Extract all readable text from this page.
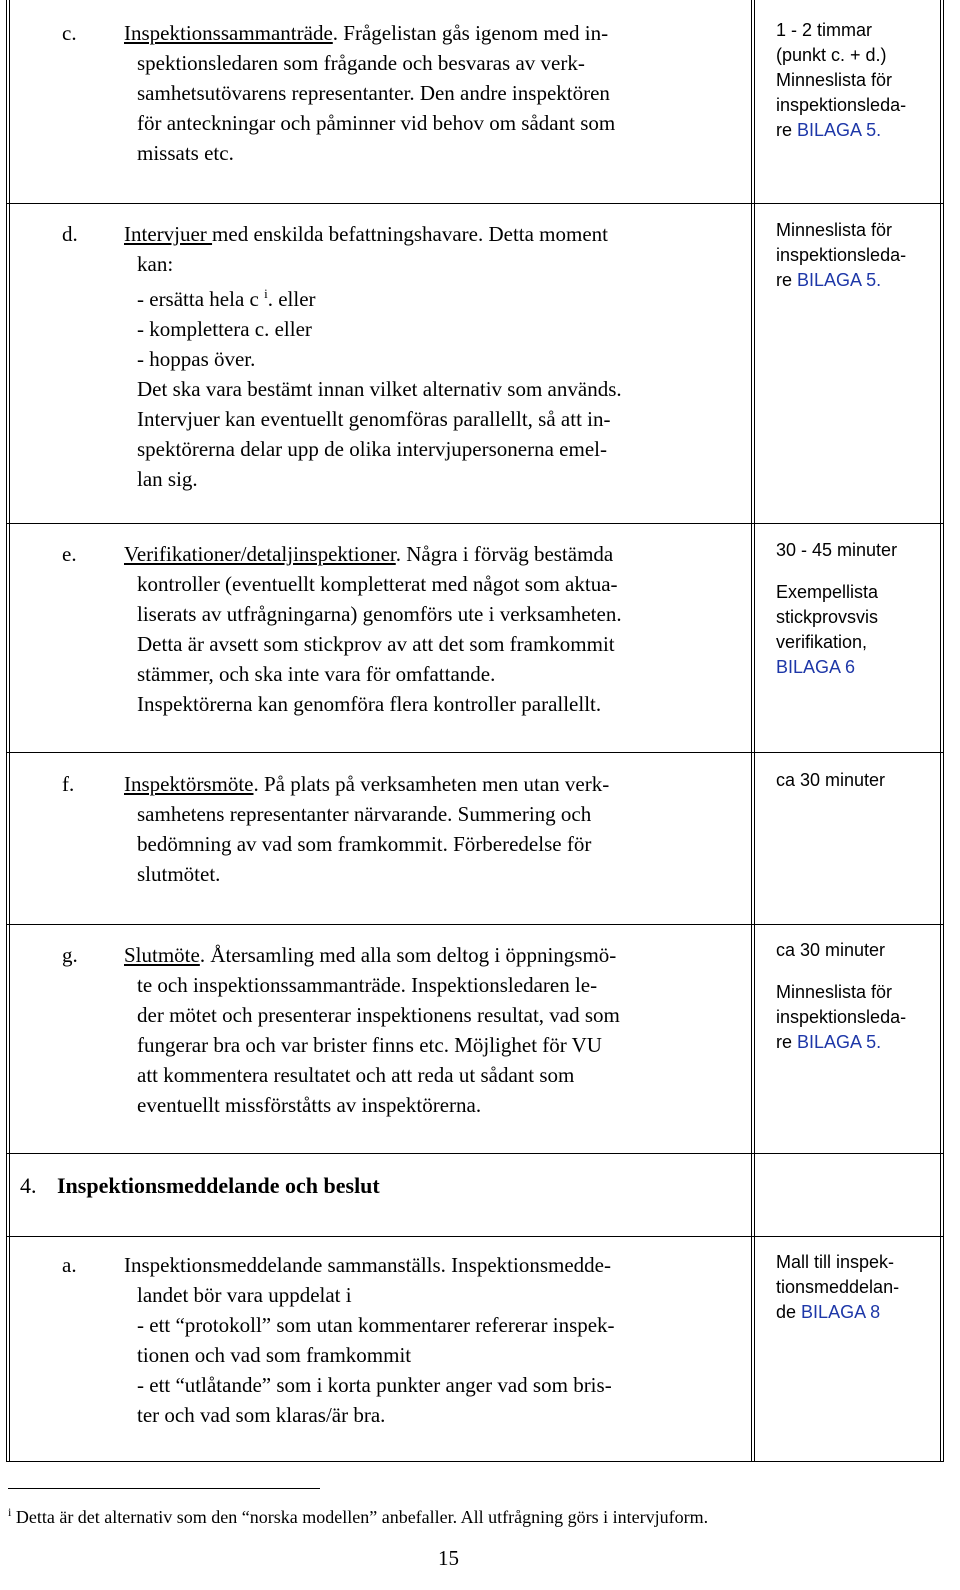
c. Inspektionssammanträde. Frågelistan gås igenom med in-

spektionsledaren som frågande och besvaras av verk-

samhetsutövarens representanter. Den andre inspektören

för anteckningar och påminner vid behov om sådant som

missats etc.

1 - 2 timmar

(punkt c. + d.)

Minneslista för

inspektionsleda-

re BILAGA 5.

d. Intervjuer med enskilda befattningshavare. Detta moment

kan:

- ersätta hela c $^i$. eller

- komplettera c. eller

- hoppas över.

Det ska vara bestämt innan vilket alternativ som används.

Intervjuer kan eventuellt genomföras parallellt, så att in-

spektörerna delar upp de olika intervjupersonerna emel-

lan sig.

Minneslista för

inspektionsleda-

re BILAGA 5.

e. Verifikationer/detaljinspektioner. Några i förväg bestämda

kontroller (eventuellt kompletterat med något som aktua-

liserats av utfrågningarna) genomförs ute i verksamheten.

Detta är avsett som stickprov av att det som framkommit

stämmer, och ska inte vara för omfattande.

Inspektörerna kan genomföra flera kontroller parallellt.

30 - 45 minuter

Exempellista

stickprovsvis

verifikation,

BILAGA 6

f. Inspektörsmöte. På plats på verksamheten men utan verk-

samhetens representanter närvarande. Summering och

bedömning av vad som framkommit. Förberedelse för

slutmötet.

ca 30 minuter

g. Slutmöte. Återsamling med alla som deltog i öppningsmö-

te och inspektionssammanträde. Inspektionsledaren le-

der mötet och presenterar inspektionens resultat, vad som

fungerar bra och var brister finns etc. Möjlighet för VU

att kommentera resultatet och att reda ut sådant som

eventuellt missförståtts av inspektörerna.

ca 30 minuter

Minneslista för

inspektionsleda-

re BILAGA 5.

4. Inspektionsmeddelande och beslut
a. Inspektionsmeddelande sammanställs. Inspektionsmedde-

landet bör vara uppdelat i

- ett “protokoll” som utan kommentarer refererar inspek-

tionen och vad som framkommit

- ett “utlåtande” som i korta punkter anger vad som bris-

ter och vad som klaras/är bra.

Mall till inspek-

tionsmeddelan-

de BILAGA 8

$^i$ Detta är det alternativ som den “norska modellen” anbefaller. All utfrågning görs i intervjuform.
15
